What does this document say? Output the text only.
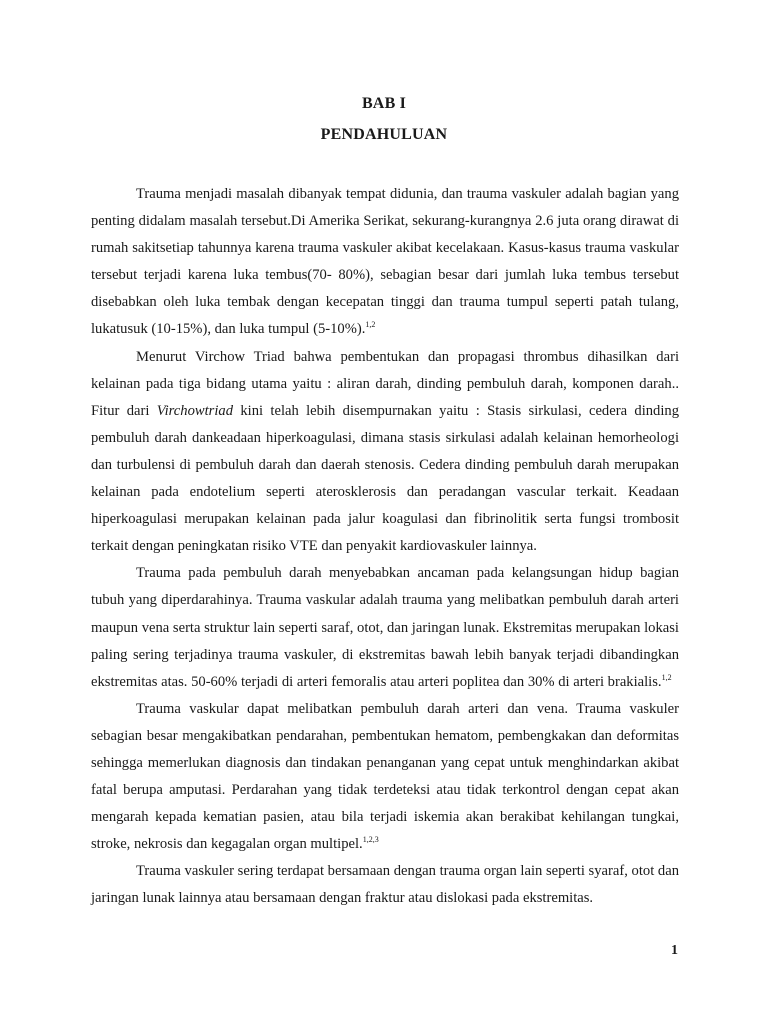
BAB I
PENDAHULUAN

Trauma menjadi masalah dibanyak tempat didunia, dan trauma vaskuler adalah bagian yang penting didalam masalah tersebut.Di Amerika Serikat, sekurang-kurangnya 2.6 juta orang dirawat di rumah sakitsetiap tahunnya karena trauma vaskuler akibat kecelakaan. Kasus-kasus trauma vaskular tersebut terjadi karena luka tembus(70- 80%), sebagian besar dari jumlah luka tembus tersebut disebabkan oleh luka tembak dengan kecepatan tinggi dan trauma tumpul seperti patah tulang, lukatusuk (10-15%), dan luka tumpul (5-10%).$^{1,2}$

Menurut Virchow Triad bahwa pembentukan dan propagasi thrombus dihasilkan dari kelainan pada tiga bidang utama yaitu : aliran darah, dinding pembuluh darah, komponen darah.. Fitur dari Virchowtriad kini telah lebih disempurnakan yaitu : Stasis sirkulasi, cedera dinding pembuluh darah dankeadaan hiperkoagulasi, dimana stasis sirkulasi adalah kelainan hemorheologi dan turbulensi di pembuluh darah dan daerah stenosis. Cedera dinding pembuluh darah merupakan kelainan pada endotelium seperti aterosklerosis dan peradangan vascular terkait. Keadaan hiperkoagulasi merupakan kelainan pada jalur koagulasi dan fibrinolitik serta fungsi trombosit terkait dengan peningkatan risiko VTE dan penyakit kardiovaskuler lainnya.

Trauma pada pembuluh darah menyebabkan ancaman pada kelangsungan hidup bagian tubuh yang diperdarahinya. Trauma vaskular adalah trauma yang melibatkan pembuluh darah arteri maupun vena serta struktur lain seperti saraf, otot, dan jaringan lunak. Ekstremitas merupakan lokasi paling sering terjadinya trauma vaskuler, di ekstremitas bawah lebih banyak terjadi dibandingkan ekstremitas atas. 50-60% terjadi di arteri femoralis atau arteri poplitea dan 30% di arteri brakialis.$^{1,2}$

Trauma vaskular dapat melibatkan pembuluh darah arteri dan vena. Trauma vaskuler sebagian besar mengakibatkan pendarahan, pembentukan hematom, pembengkakan dan deformitas sehingga memerlukan diagnosis dan tindakan penanganan yang cepat untuk menghindarkan akibat fatal berupa amputasi. Perdarahan yang tidak terdeteksi atau tidak terkontrol dengan cepat akan mengarah kepada kematian pasien, atau bila terjadi iskemia akan berakibat kehilangan tungkai, stroke, nekrosis dan kegagalan organ multipel.$^{1,2,3}$

Trauma vaskuler sering terdapat bersamaan dengan trauma organ lain seperti syaraf, otot dan jaringan lunak lainnya atau bersamaan dengan fraktur atau dislokasi pada ekstremitas.

1
